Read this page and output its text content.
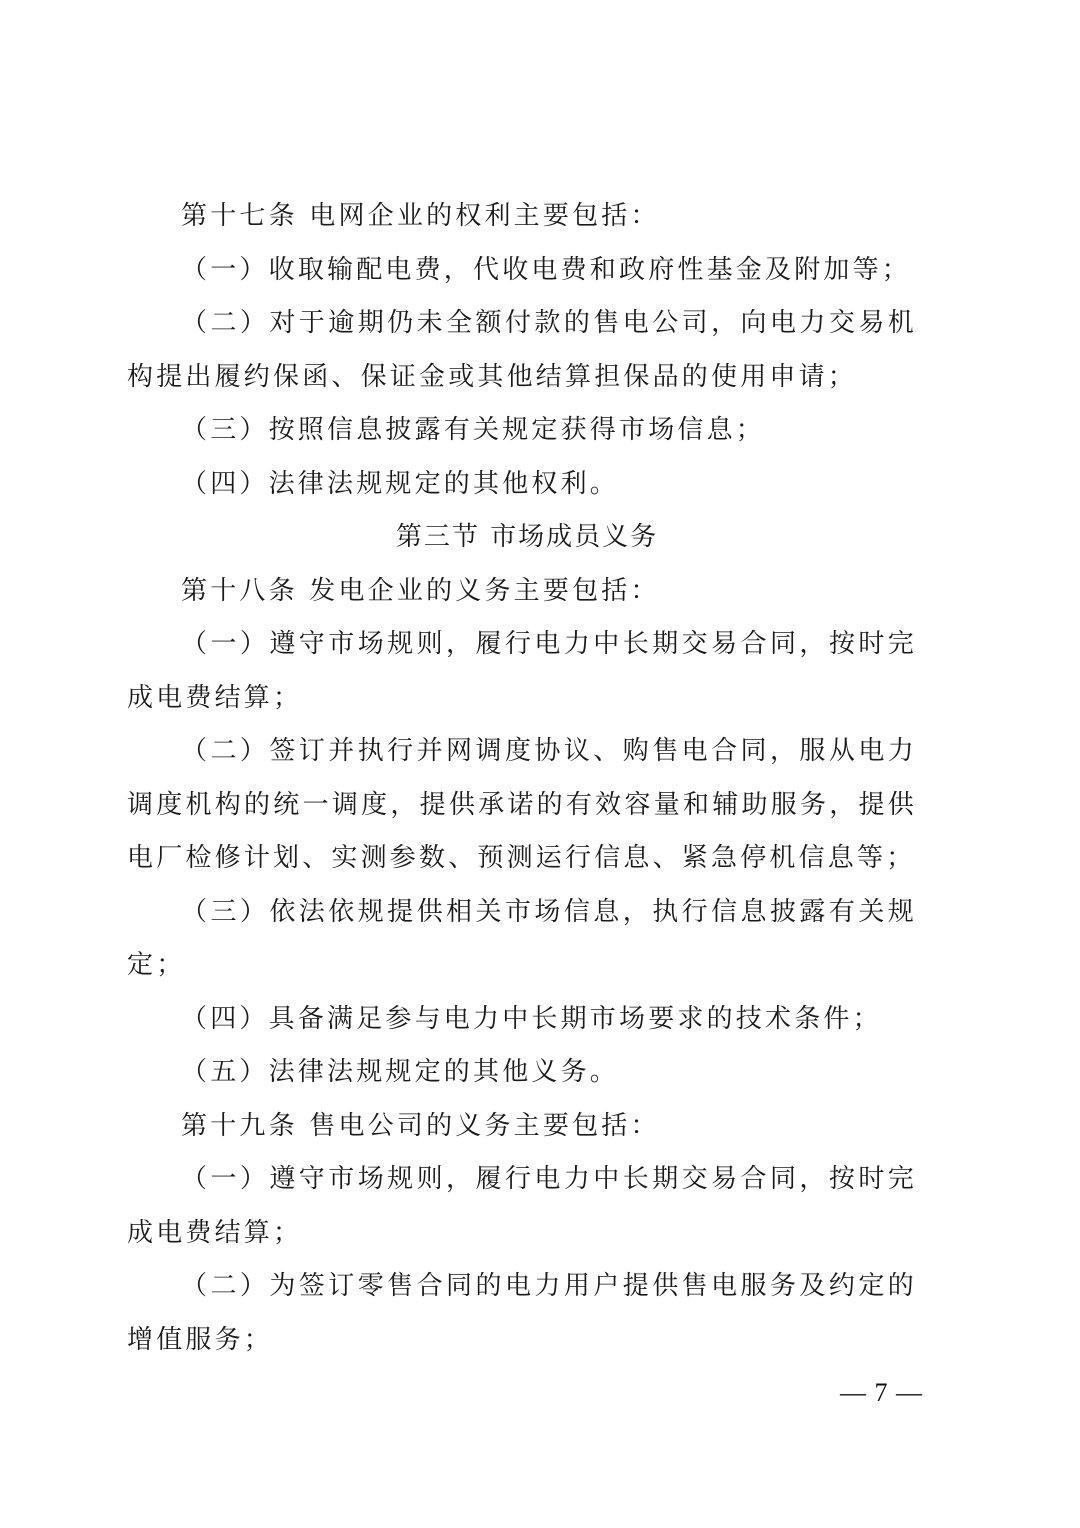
第十七条 电网企业的权利主要包括：

（一）收取输配电费，代收电费和政府性基金及附加等；

（二）对于逾期仍未全额付款的售电公司，向电力交易机构提出履约保函、保证金或其他结算担保品的使用申请；

（三）按照信息披露有关规定获得市场信息；

（四）法律法规规定的其他权利。

第三节 市场成员义务

第十八条 发电企业的义务主要包括：

（一）遵守市场规则，履行电力中长期交易合同，按时完成电费结算；

（二）签订并执行并网调度协议、购售电合同，服从电力调度机构的统一调度，提供承诺的有效容量和辅助服务，提供电厂检修计划、实测参数、预测运行信息、紧急停机信息等；

（三）依法依规提供相关市场信息，执行信息披露有关规定；

（四）具备满足参与电力中长期市场要求的技术条件；

（五）法律法规规定的其他义务。

第十九条 售电公司的义务主要包括：

（一）遵守市场规则，履行电力中长期交易合同，按时完成电费结算；

（二）为签订零售合同的电力用户提供售电服务及约定的增值服务；

— 7 —
